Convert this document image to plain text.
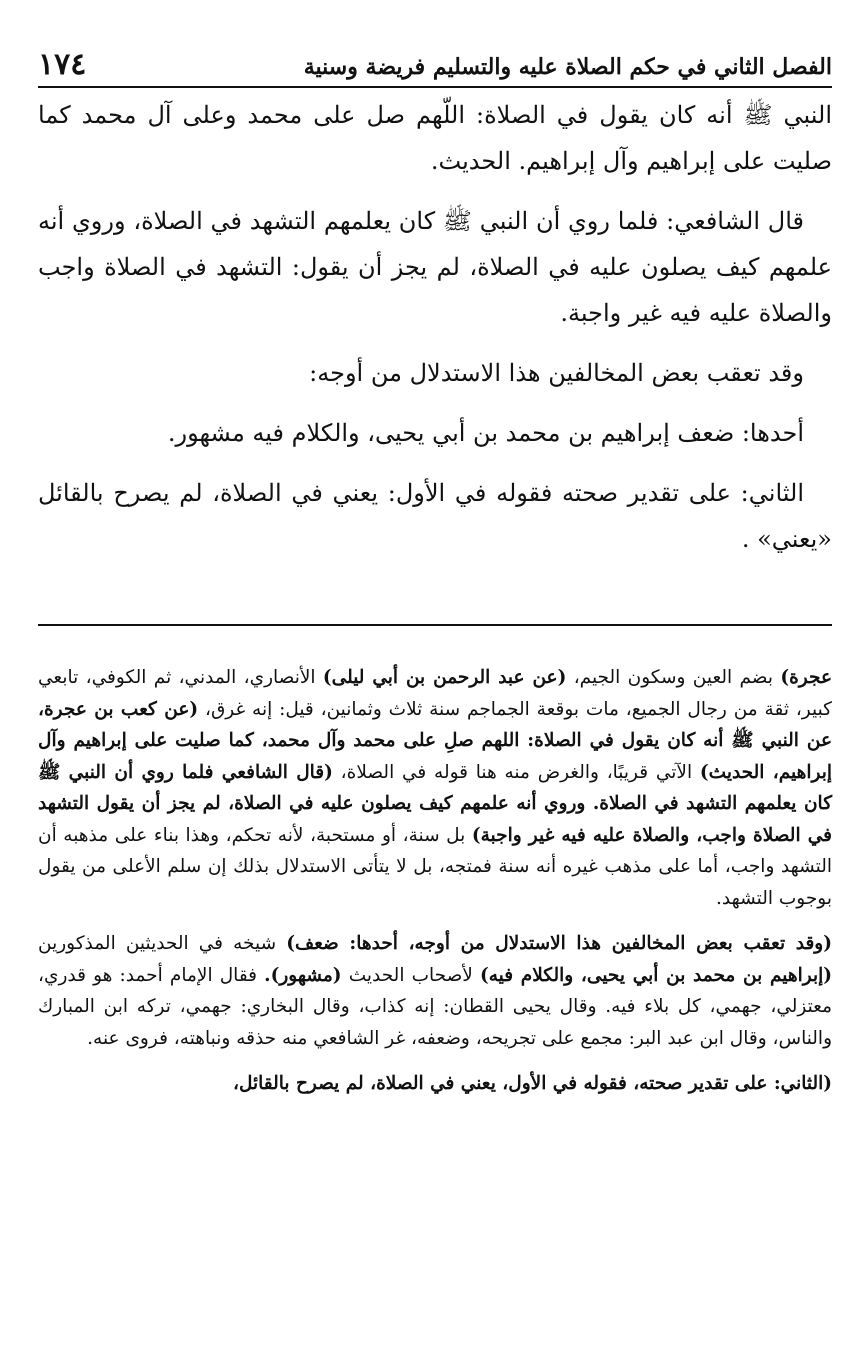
١٧٤	الفصل الثاني في حكم الصلاة عليه والتسليم فريضة وسنية

النبي ﷺ أنه كان يقول في الصلاة: اللّهم صل على محمد وعلى آل محمد كما صليت على إبراهيم وآل إبراهيم. الحديث.

قال الشافعي: فلما روي أن النبي ﷺ كان يعلمهم التشهد في الصلاة، وروي أنه علمهم كيف يصلون عليه في الصلاة، لم يجز أن يقول: التشهد في الصلاة واجب والصلاة عليه فيه غير واجبة.

وقد تعقب بعض المخالفين هذا الاستدلال من أوجه:

أحدها: ضعف إبراهيم بن محمد بن أبي يحيى، والكلام فيه مشهور.

الثاني: على تقدير صحته فقوله في الأول: يعني في الصلاة، لم يصرح بالقائل «يعني» .

عجرة) بضم العين وسكون الجيم، (عن عبد الرحمن بن أبي ليلى) الأنصاري، المدني، ثم الكوفي، تابعي كبير، ثقة من رجال الجميع، مات بوقعة الجماجم سنة ثلاث وثمانين، قيل: إنه غرق، (عن كعب بن عجرة، عن النبي ﷺ أنه كان يقول في الصلاة: اللهم صلِ على محمد وآل محمد، كما صليت على إبراهيم وآل إبراهيم، الحديث) الآتي قريبًا، والغرض منه هنا قوله في الصلاة، (قال الشافعي فلما روي أن النبي ﷺ كان يعلمهم التشهد في الصلاة. وروي أنه علمهم كيف يصلون عليه في الصلاة، لم يجز أن يقول التشهد في الصلاة واجب، والصلاة عليه فيه غير واجبة) بل سنة، أو مستحبة، لأنه تحكم، وهذا بناء على مذهبه أن التشهد واجب، أما على مذهب غيره أنه سنة فمتجه، بل لا يتأتى الاستدلال بذلك إن سلم الأعلى من يقول بوجوب التشهد.

(وقد تعقب بعض المخالفين هذا الاستدلال من أوجه، أحدها: ضعف) شيخه في الحديثين المذكورين (إبراهيم بن محمد بن أبي يحيى، والكلام فيه) لأصحاب الحديث (مشهور). فقال الإمام أحمد: هو قدري، معتزلي، جهمي، كل بلاء فيه. وقال يحيى القطان: إنه كذاب، وقال البخاري: جهمي، تركه ابن المبارك والناس، وقال ابن عبد البر: مجمع على تجريحه، وضعفه، غر الشافعي منه حذقه ونباهته، فروى عنه.

(الثاني: على تقدير صحته، فقوله في الأول، يعني في الصلاة، لم يصرح بالقائل،
